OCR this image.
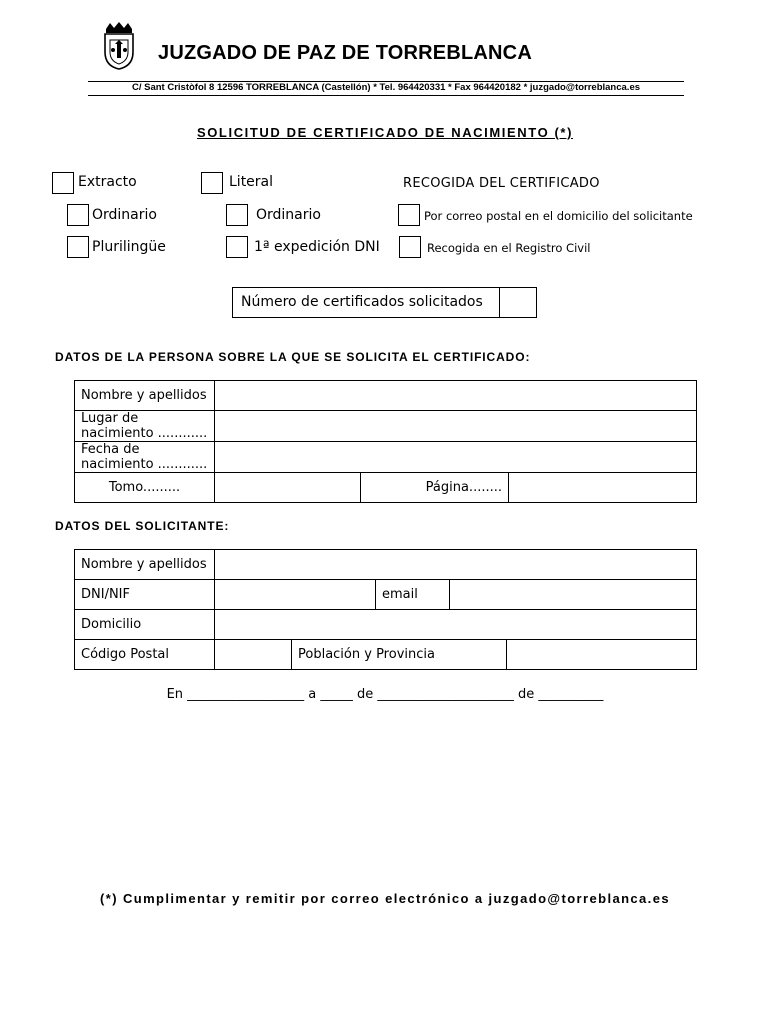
JUZGADO DE PAZ DE TORREBLANCA
C/ Sant Cristòfol 8 12596 TORREBLANCA (Castellón) * Tel. 964420331 * Fax 964420182 * juzgado@torreblanca.es
SOLICITUD DE CERTIFICADO DE NACIMIENTO (*)
Extracto	Literal	RECOGIDA DEL CERTIFICADO
Ordinario	Ordinario	Por correo postal en el domicilio del solicitante
Plurilingüe	1ª expedición DNI	Recogida en el Registro Civil
Número de certificados solicitados
DATOS DE LA PERSONA SOBRE LA QUE SE SOLICITA EL CERTIFICADO:
Nombre y apellidos			
Lugar de nacimiento ............			
Fecha de nacimiento ............			
Tomo.........		Página........	
DATOS DEL SOLICITANTE:
Nombre y apellidos					
DNI/NIF			email		
Domicilio					
Código Postal		Población y Provincia			
En __________________ a _____ de _____________________ de __________
(*) Cumplimentar y remitir por correo electrónico a juzgado@torreblanca.es
